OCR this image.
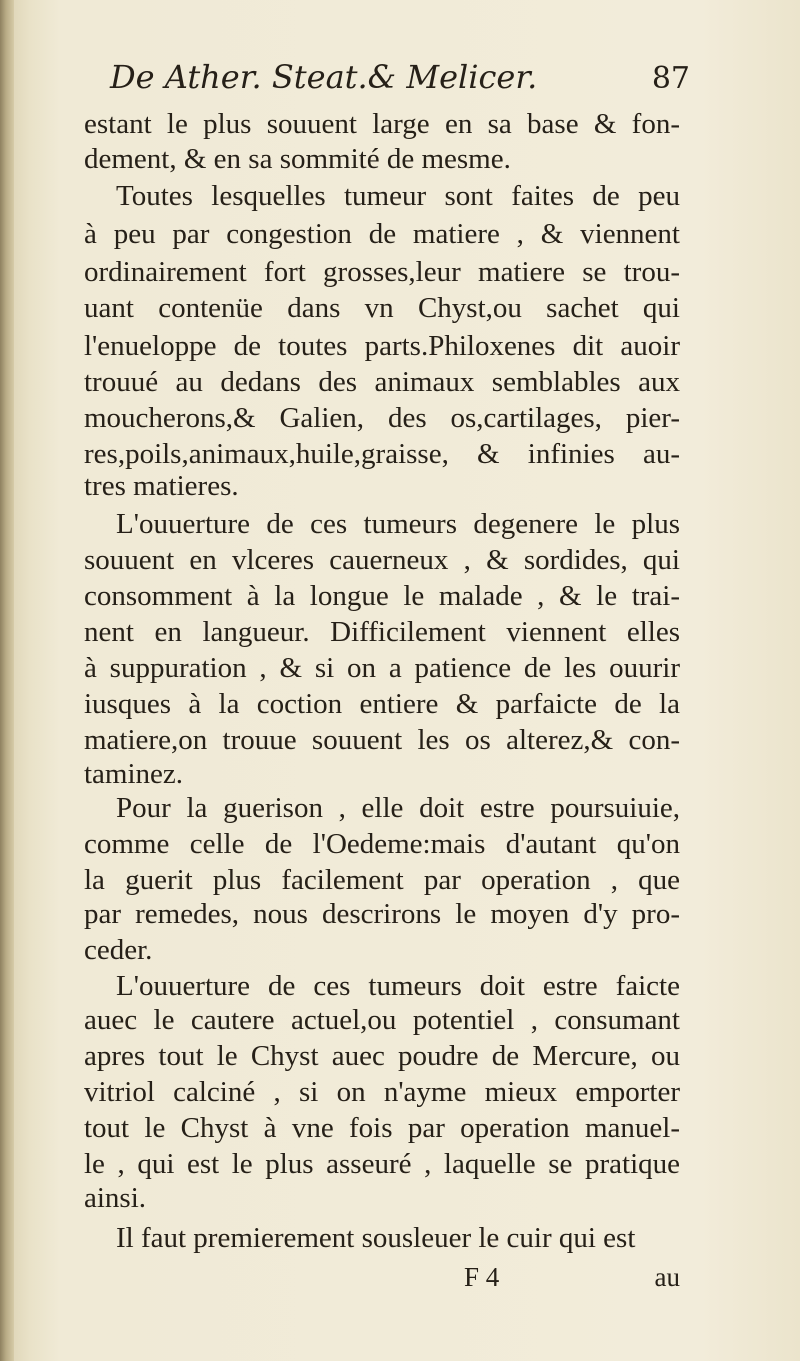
De Ather. Steat.& Melicer.	87
estant le plus souuent large en sa base & fon-
dement, & en sa sommité de mesme.
Toutes lesquelles tumeur sont faites de peu
à peu par congestion de matiere , & viennent
ordinairement fort grosses,leur matiere se trou-
uant contenüe dans vn Chyst,ou sachet qui
l'enueloppe de toutes parts.Philoxenes dit auoir
trouué au dedans des animaux semblables aux
moucherons,& Galien, des os,cartilages, pier-
res,poils,animaux,huile,graisse, & infinies au-
tres matieres.
L'ouuerture de ces tumeurs degenere le plus
souuent en vlceres cauerneux , & sordides, qui
consomment à la longue le malade , & le trai-
nent en langueur. Difficilement viennent elles
à suppuration , & si on a patience de les ouurir
iusques à la coction entiere & parfaicte de la
matiere,on trouue souuent les os alterez,& con-
taminez.
Pour la guerison , elle doit estre poursuiuie,
comme celle de l'Oedeme:mais d'autant qu'on
la guerit plus facilement par operation , que
par remedes, nous descrirons le moyen d'y pro-
ceder.
L'ouuerture de ces tumeurs doit estre faicte
auec le cautere actuel,ou potentiel , consumant
apres tout le Chyst auec poudre de Mercure, ou
vitriol calciné , si on n'ayme mieux emporter
tout le Chyst à vne fois par operation manuel-
le , qui est le plus asseuré , laquelle se pratique
ainsi.
Il faut premierement sousleuer le cuir qui est
F 4	au
